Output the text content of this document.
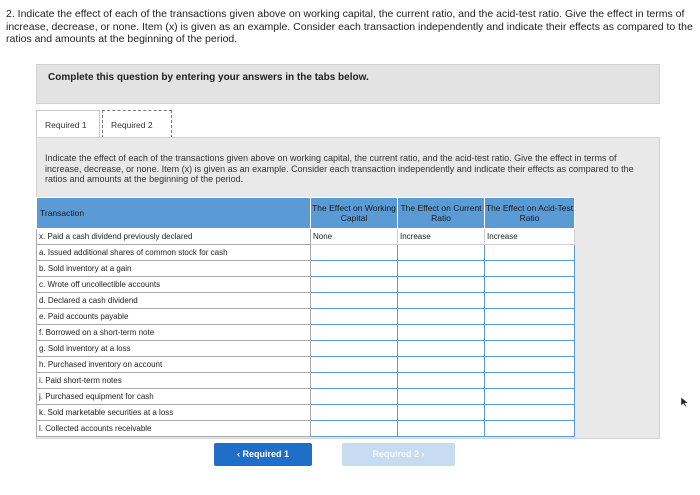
2. Indicate the effect of each of the transactions given above on working capital, the current ratio, and the acid-test ratio. Give the effect in terms of increase, decrease, or none. Item (x) is given as an example. Consider each transaction independently and indicate their effects as compared to the ratios and amounts at the beginning of the period.
Complete this question by entering your answers in the tabs below.
Required 1	Required 2
Indicate the effect of each of the transactions given above on working capital, the current ratio, and the acid-test ratio. Give the effect in terms of increase, decrease, or none. Item (x) is given as an example. Consider each transaction independently and indicate their effects as compared to the ratios and amounts at the beginning of the period.
Transaction	The Effect on Working Capital	The Effect on Current Ratio	The Effect on Acid-Test Ratio
x. Paid a cash dividend previously declared	None	Increase	Increase
a. Issued additional shares of common stock for cash			
b. Sold inventory at a gain			
c. Wrote off uncollectible accounts			
d. Declared a cash dividend			
e. Paid accounts payable			
f. Borrowed on a short-term note			
g. Sold inventory at a loss			
h. Purchased inventory on account			
i. Paid short-term notes			
j. Purchased equipment for cash			
k. Sold marketable securities at a loss			
l. Collected accounts receivable			
‹ Required 1	Required 2 ›
